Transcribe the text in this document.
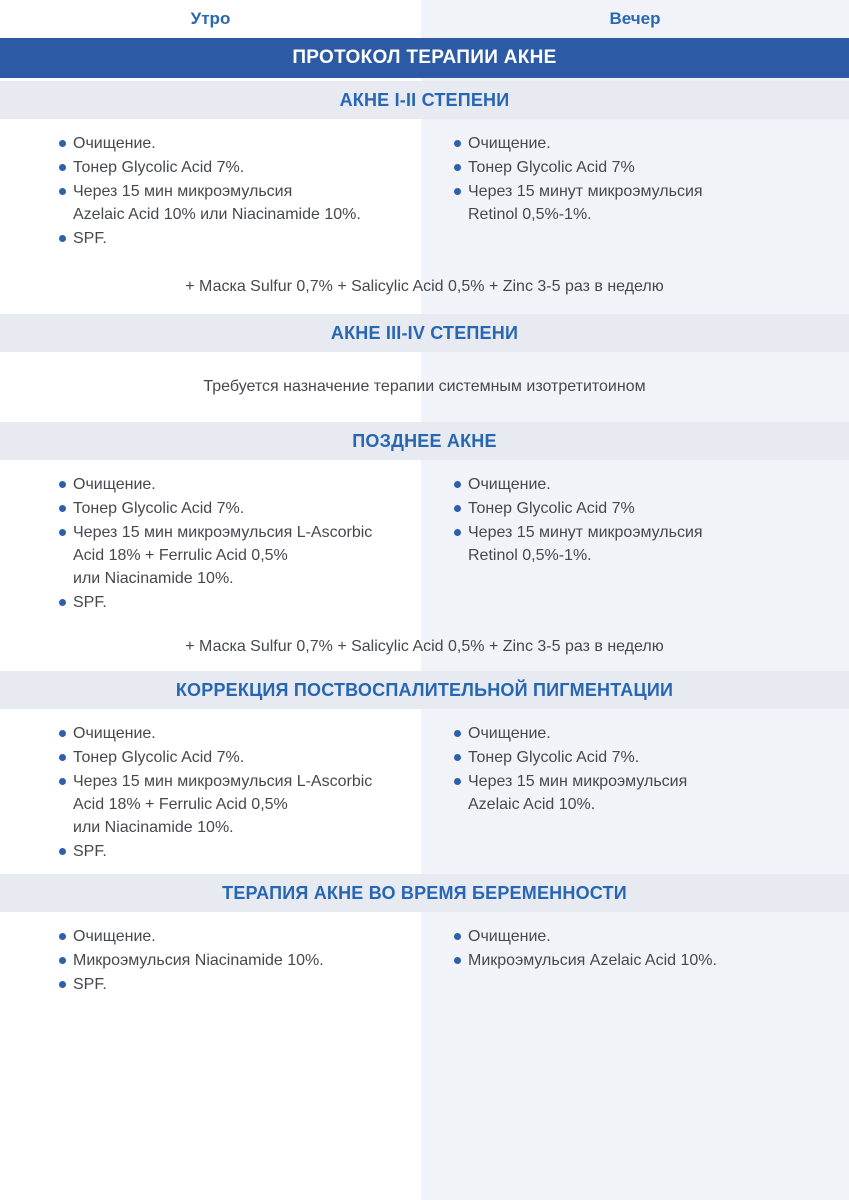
Утро	Вечер
ПРОТОКОЛ ТЕРАПИИ АКНЕ
АКНЕ I-II СТЕПЕНИ
Очищение.
Тонер Glycolic Acid 7%.
Через 15 мин микроэмульсия
Azelaic Acid 10% или Niacinamide 10%.
SPF.
Очищение.
Тонер Glycolic Acid 7%
Через 15 минут микроэмульсия
Retinol 0,5%-1%.
+ Маска Sulfur 0,7% + Salicylic Acid 0,5% + Zinc 3-5 раз в неделю
АКНЕ III-IV СТЕПЕНИ
Требуется назначение терапии системным изотретитоином
ПОЗДНЕЕ АКНЕ
Очищение.
Тонер Glycolic Acid 7%.
Через 15 мин микроэмульсия L-Ascorbic
Acid 18% + Ferrulic Acid 0,5%
или Niacinamide 10%.
SPF.
Очищение.
Тонер Glycolic Acid 7%
Через 15 минут микроэмульсия
Retinol 0,5%-1%.
+ Маска Sulfur 0,7% + Salicylic Acid 0,5% + Zinc 3-5 раз в неделю
КОРРЕКЦИЯ ПОСТВОСПАЛИТЕЛЬНОЙ ПИГМЕНТАЦИИ
Очищение.
Тонер Glycolic Acid 7%.
Через 15 мин микроэмульсия L-Ascorbic
Acid 18% + Ferrulic Acid 0,5%
или Niacinamide 10%.
SPF.
Очищение.
Тонер Glycolic Acid 7%.
Через 15 мин микроэмульсия
Azelaic Acid 10%.
ТЕРАПИЯ АКНЕ ВО ВРЕМЯ БЕРЕМЕННОСТИ
Очищение.
Микроэмульсия Niacinamide 10%.
SPF.
Очищение.
Микроэмульсия Azelaic Acid 10%.
